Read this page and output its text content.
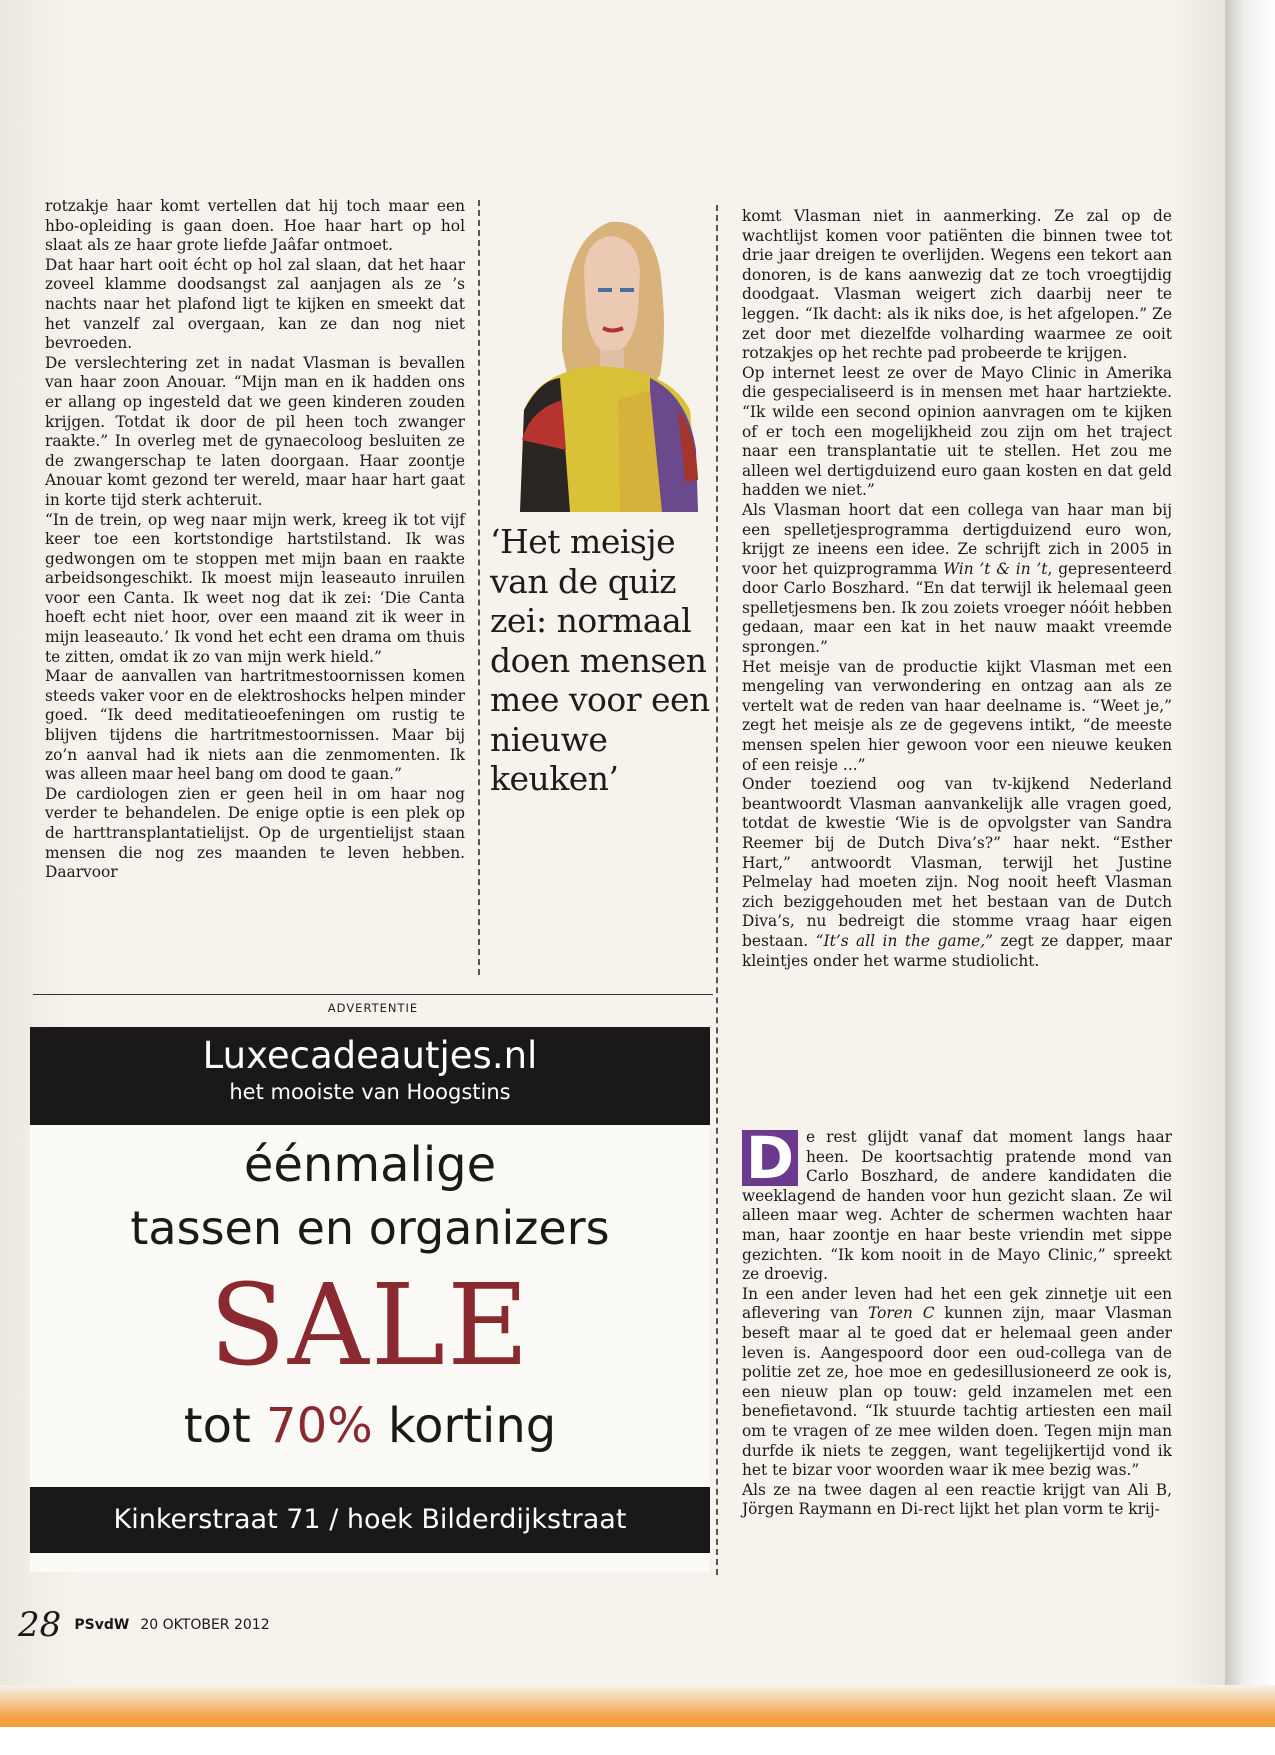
rotzakje haar komt vertellen dat hij toch maar een hbo-opleiding is gaan doen. Hoe haar hart op hol slaat als ze haar grote liefde Jaâfar ontmoet.

Dat haar hart ooit écht op hol zal slaan, dat het haar zoveel klamme doodsangst zal aanjagen als ze ’s nachts naar het plafond ligt te kijken en smeekt dat het vanzelf zal overgaan, kan ze dan nog niet bevroeden.

De verslechtering zet in nadat Vlasman is bevallen van haar zoon Anouar. “Mijn man en ik hadden ons er allang op ingesteld dat we geen kinderen zouden krijgen. Totdat ik door de pil heen toch zwanger raakte.” In overleg met de gynaecoloog besluiten ze de zwangerschap te laten doorgaan. Haar zoontje Anouar komt gezond ter wereld, maar haar hart gaat in korte tijd sterk achteruit.

“In de trein, op weg naar mijn werk, kreeg ik tot vijf keer toe een kortstondige hartstilstand. Ik was gedwongen om te stoppen met mijn baan en raakte arbeidsongeschikt. Ik moest mijn leaseauto inruilen voor een Canta. Ik weet nog dat ik zei: ‘Die Canta hoeft echt niet hoor, over een maand zit ik weer in mijn leaseauto.’ Ik vond het echt een drama om thuis te zitten, omdat ik zo van mijn werk hield.”

Maar de aanvallen van hartritmestoornissen komen steeds vaker voor en de elektroshocks helpen minder goed. “Ik deed meditatieoefeningen om rustig te blijven tijdens die hartritmestoornissen. Maar bij zo’n aanval had ik niets aan die zenmomenten. Ik was alleen maar heel bang om dood te gaan.”

De cardiologen zien er geen heil in om haar nog verder te behandelen. De enige optie is een plek op de harttransplantatielijst. Op de urgentielijst staan mensen die nog zes maanden te leven hebben. Daarvoor

‘Het meisje van de quiz zei: normaal doen mensen mee voor een nieuwe keuken’

komt Vlasman niet in aanmerking. Ze zal op de wachtlijst komen voor patiënten die binnen twee tot drie jaar dreigen te overlijden. Wegens een tekort aan donoren, is de kans aanwezig dat ze toch vroegtijdig doodgaat. Vlasman weigert zich daarbij neer te leggen. “Ik dacht: als ik niks doe, is het afgelopen.” Ze zet door met diezelfde volharding waarmee ze ooit rotzakjes op het rechte pad probeerde te krijgen.

Op internet leest ze over de Mayo Clinic in Amerika die gespecialiseerd is in mensen met haar hartziekte. “Ik wilde een second opinion aanvragen om te kijken of er toch een mogelijkheid zou zijn om het traject naar een transplantatie uit te stellen. Het zou me alleen wel dertigduizend euro gaan kosten en dat geld hadden we niet.”

Als Vlasman hoort dat een collega van haar man bij een spelletjesprogramma dertigduizend euro won, krijgt ze ineens een idee. Ze schrijft zich in 2005 in voor het quizprogramma Win ’t & in ’t, gepresenteerd door Carlo Boszhard. “En dat terwijl ik helemaal geen spelletjesmens ben. Ik zou zoiets vroeger nóóit hebben gedaan, maar een kat in het nauw maakt vreemde sprongen.”

Het meisje van de productie kijkt Vlasman met een mengeling van verwondering en ontzag aan als ze vertelt wat de reden van haar deelname is. “Weet je,” zegt het meisje als ze de gegevens intikt, “de meeste mensen spelen hier gewoon voor een nieuwe keuken of een reisje ...”

Onder toeziend oog van tv-kijkend Nederland beantwoordt Vlasman aanvankelijk alle vragen goed, totdat de kwestie ‘Wie is de opvolgster van Sandra Reemer bij de Dutch Diva’s?” haar nekt. “Esther Hart,” antwoordt Vlasman, terwijl het Justine Pelmelay had moeten zijn. Nog nooit heeft Vlasman zich beziggehouden met het bestaan van de Dutch Diva’s, nu bedreigt die stomme vraag haar eigen bestaan. “It’s all in the game,” zegt ze dapper, maar kleintjes onder het warme studiolicht.

D e rest glijdt vanaf dat moment langs haar heen. De koortsachtig pratende mond van Carlo Boszhard, de andere kandidaten die weeklagend de handen voor hun gezicht slaan. Ze wil alleen maar weg. Achter de schermen wachten haar man, haar zoontje en haar beste vriendin met sippe gezichten. “Ik kom nooit in de Mayo Clinic,” spreekt ze droevig.

In een ander leven had het een gek zinnetje uit een aflevering van Toren C kunnen zijn, maar Vlasman beseft maar al te goed dat er helemaal geen ander leven is. Aangespoord door een oud-collega van de politie zet ze, hoe moe en gedesillusioneerd ze ook is, een nieuw plan op touw: geld inzamelen met een benefietavond. “Ik stuurde tachtig artiesten een mail om te vragen of ze mee wilden doen. Tegen mijn man durfde ik niets te zeggen, want tegelijkertijd vond ik het te bizar voor woorden waar ik mee bezig was.”

Als ze na twee dagen al een reactie krijgt van Ali B, Jörgen Raymann en Di-rect lijkt het plan vorm te krij-

ADVERTENTIE
Luxecadeautjes.nl
het mooiste van Hoogstins
éénmalige
tassen en organizers
SALE
tot 70% korting
Kinkerstraat 71 / hoek Bilderdijkstraat
28 PSvdW 20 OKTOBER 2012
